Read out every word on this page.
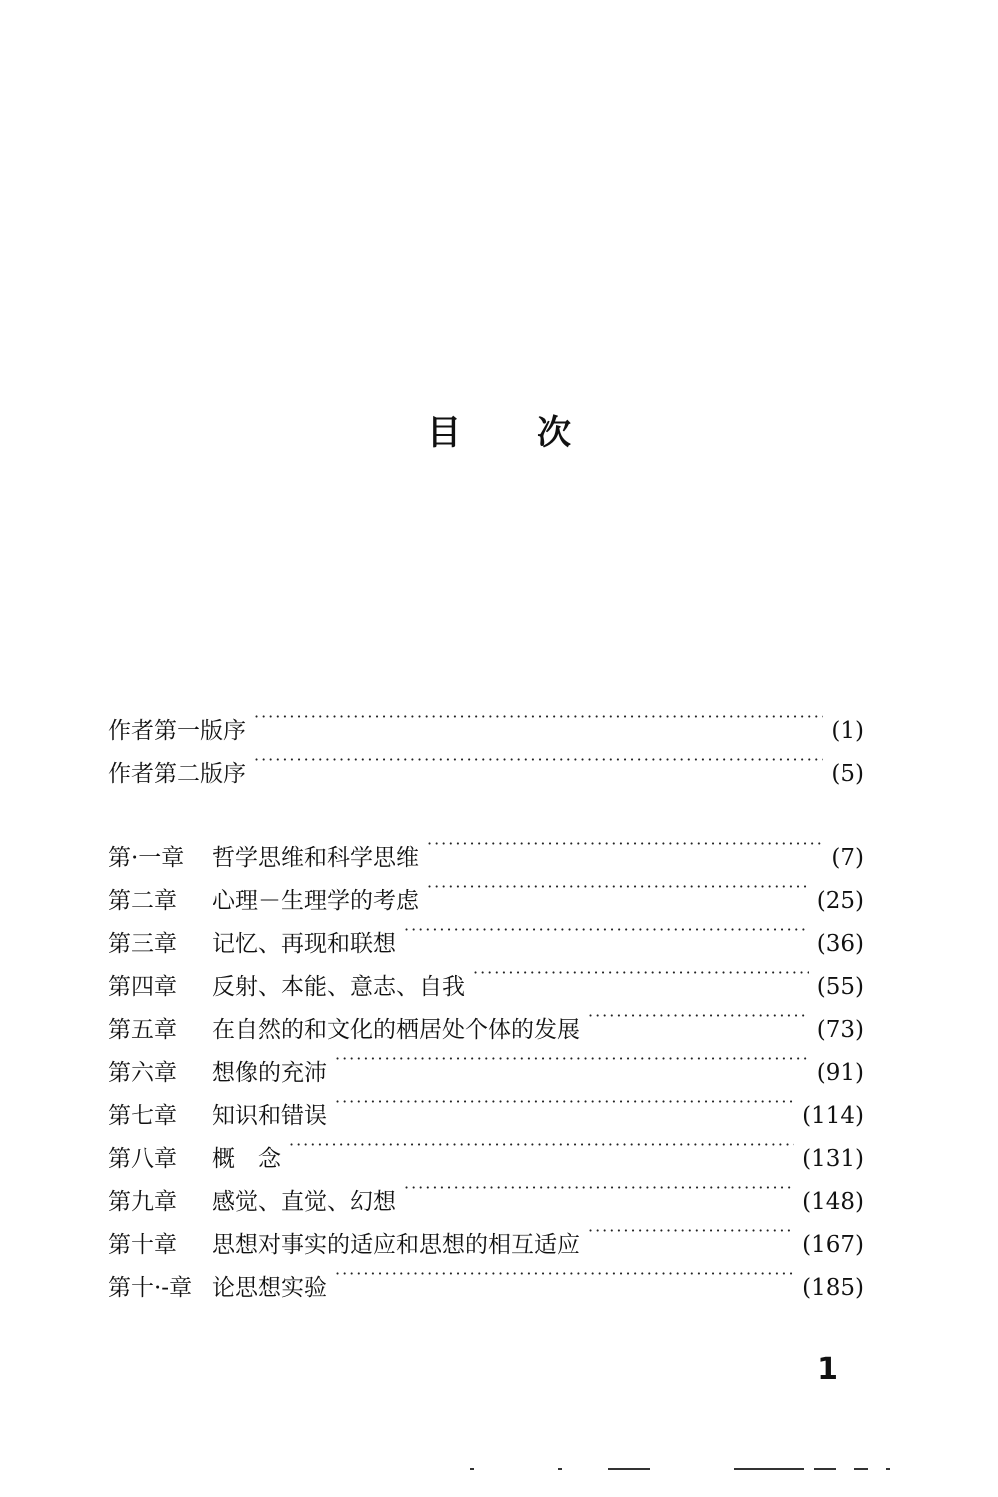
目 次
作者第一版序 ·····	(1)
作者第二版序 ·····	(5)
第·一章	哲学思维和科学思维 ·····	(7)
第二章	心理－生理学的考虑 ·····	(25)
第三章	记忆、再现和联想 ·····	(36)
第四章	反射、本能、意志、自我 ·····	(55)
第五章	在自然的和文化的栖居处个体的发展 ·····	(73)
第六章	想像的充沛 ·····	(91)
第七章	知识和错误 ·····	(114)
第八章	概　念 ·····	(131)
第九章	感觉、直觉、幻想 ·····	(148)
第十章	思想对事实的适应和思想的相互适应 ·····	(167)
第十·-章 论思想实验 ·····	(185)
1
